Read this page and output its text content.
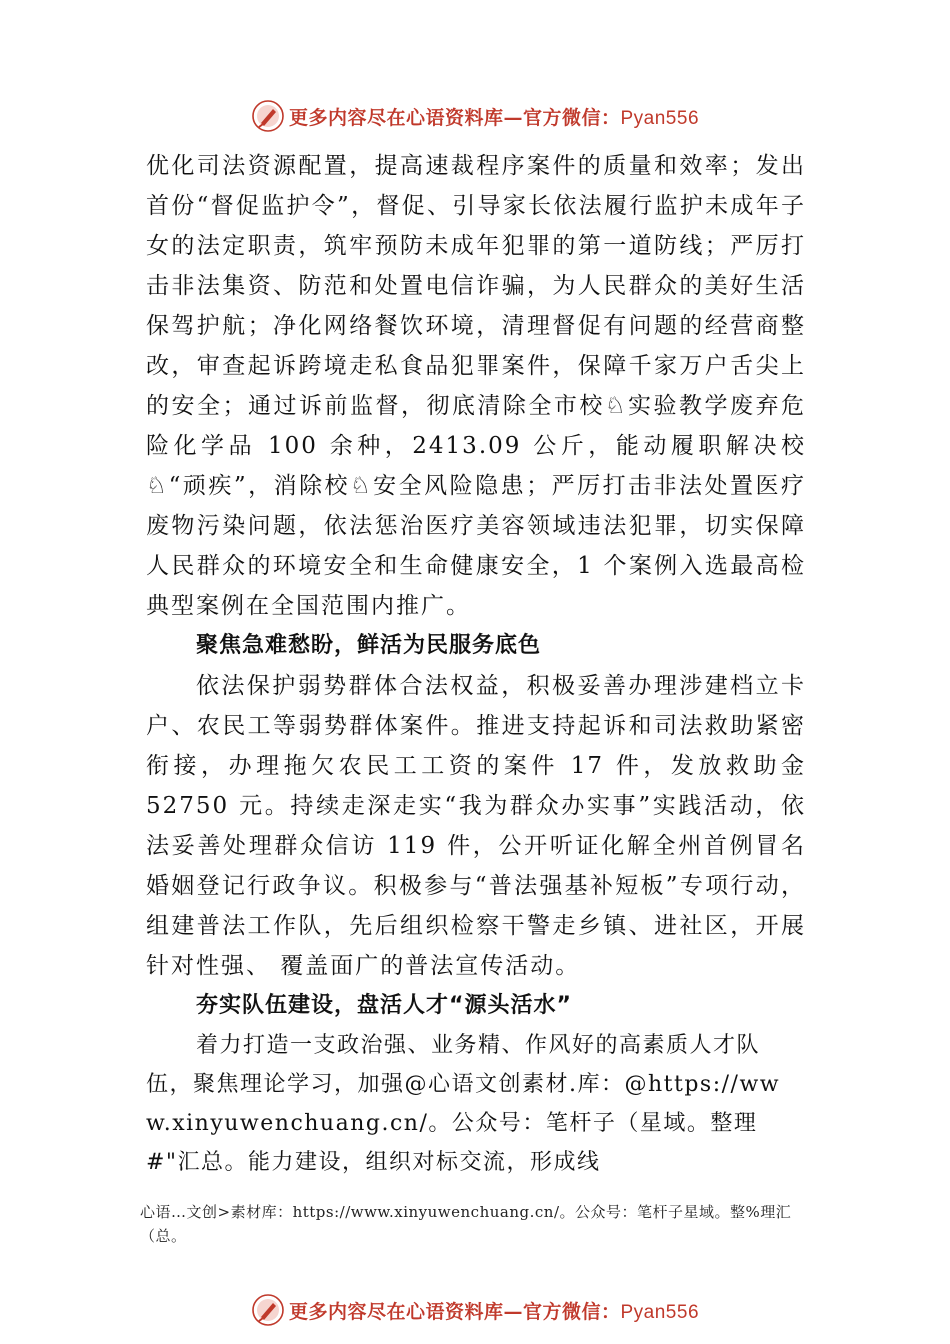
更多内容尽在心语资料库—官方微信：Pyan556

优化司法资源配置，提高速裁程序案件的质量和效率；发出首份“督促监护令”，督促、引导家长依法履行监护未成年子女的法定职责，筑牢预防未成年犯罪的第一道防线；严厉打击非法集资、防范和处置电信诈骗，为人民群众的美好生活保驾护航；净化网络餐饮环境，清理督促有问题的经营商整改，审查起诉跨境走私食品犯罪案件，保障千家万户舌尖上的安全；通过诉前监督，彻底清除全市校♘实验教学废弃危险化学品 100 余种，2413.09 公斤，能动履职解决校♘“顽疾”，消除校♘安全风险隐患；严厉打击非法处置医疗废物污染问题，依法惩治医疗美容领域违法犯罪，切实保障人民群众的环境安全和生命健康安全，1 个案例入选最高检典型案例在全国范围内推广。

聚焦急难愁盼，鲜活为民服务底色

依法保护弱势群体合法权益，积极妥善办理涉建档立卡户、农民工等弱势群体案件。推进支持起诉和司法救助紧密衔接，办理拖欠农民工工资的案件 17 件，发放救助金 52750 元。持续走深走实“我为群众办实事”实践活动，依法妥善处理群众信访 119 件，公开听证化解全州首例冒名婚姻登记行政争议。积极参与“普法强基补短板”专项行动，组建普法工作队，先后组织检察干警走乡镇、进社区，开展针对性强、 覆盖面广的普法宣传活动。

夯实队伍建设，盘活人才“源头活水”

着力打造一支政治强、业务精、作风好的高素质人才队伍，聚焦理论学习，加强@心语文创素材.库：@https://www.xinyuwenchuang.cn/。公众号：笔杆子（星域。整理#"汇总。能力建设，组织对标交流，形成线

心语…文创>素材库：https://www.xinyuwenchuang.cn/。公众号：笔杆子星域。整%理汇（总。
更多内容尽在心语资料库—官方微信：Pyan556
